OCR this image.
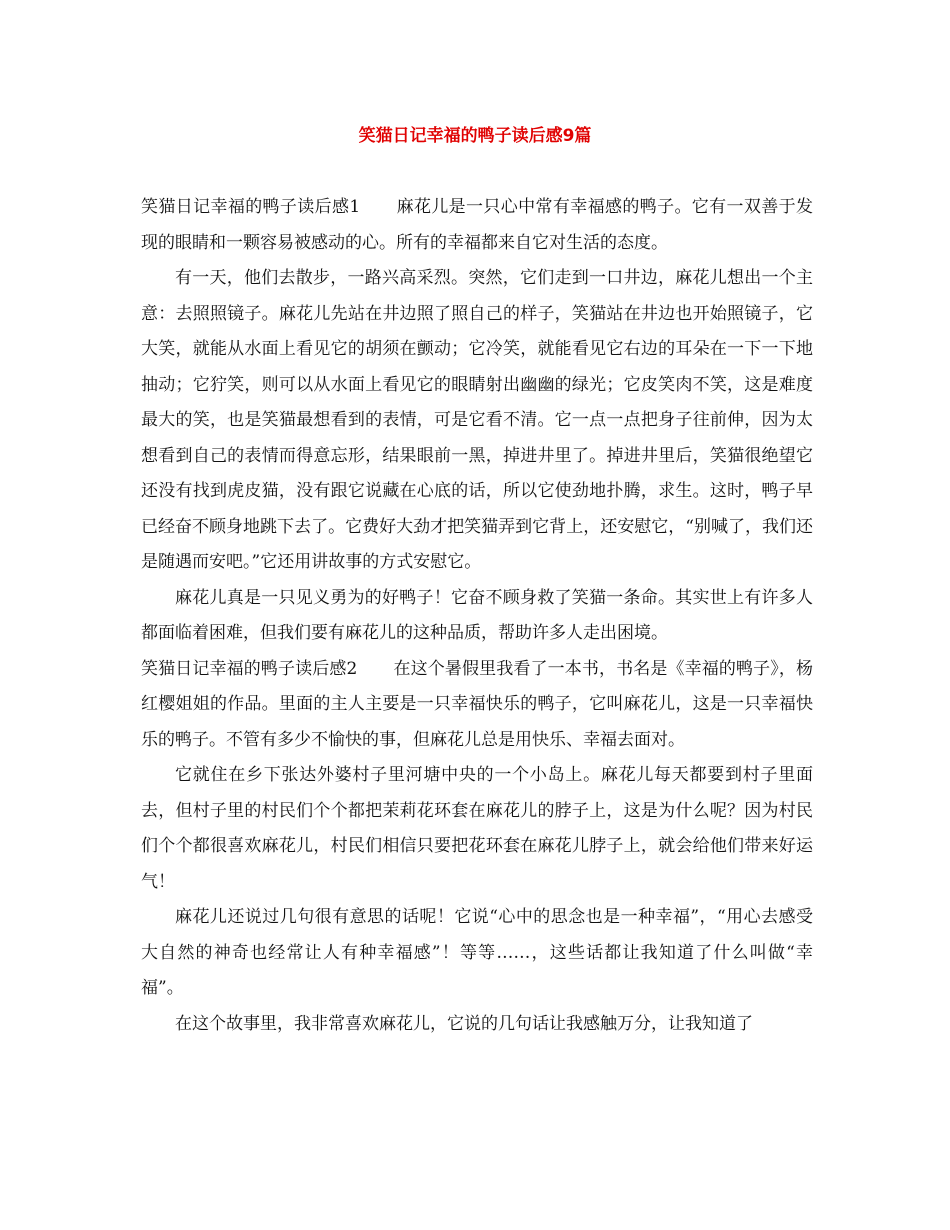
笑猫日记幸福的鸭子读后感9篇

笑猫日记幸福的鸭子读后感1 麻花儿是一只心中常有幸福感的鸭子。它有一双善于发现的眼睛和一颗容易被感动的心。所有的幸福都来自它对生活的态度。

有一天，他们去散步，一路兴高采烈。突然，它们走到一口井边，麻花儿想出一个主意：去照照镜子。麻花儿先站在井边照了照自己的样子，笑猫站在井边也开始照镜子，它大笑，就能从水面上看见它的胡须在颤动；它冷笑，就能看见它右边的耳朵在一下一下地抽动；它狞笑，则可以从水面上看见它的眼睛射出幽幽的绿光；它皮笑肉不笑，这是难度最大的笑，也是笑猫最想看到的表情，可是它看不清。它一点一点把身子往前伸，因为太想看到自己的表情而得意忘形，结果眼前一黑，掉进井里了。掉进井里后，笑猫很绝望它还没有找到虎皮猫，没有跟它说藏在心底的话，所以它使劲地扑腾，求生。这时，鸭子早已经奋不顾身地跳下去了。它费好大劲才把笑猫弄到它背上，还安慰它，“别喊了，我们还是随遇而安吧。”它还用讲故事的方式安慰它。

麻花儿真是一只见义勇为的好鸭子！它奋不顾身救了笑猫一条命。其实世上有许多人都面临着困难，但我们要有麻花儿的这种品质，帮助许多人走出困境。

笑猫日记幸福的鸭子读后感2 在这个暑假里我看了一本书，书名是《幸福的鸭子》，杨红樱姐姐的作品。里面的主人主要是一只幸福快乐的鸭子，它叫麻花儿，这是一只幸福快乐的鸭子。不管有多少不愉快的事，但麻花儿总是用快乐、幸福去面对。

它就住在乡下张达外婆村子里河塘中央的一个小岛上。麻花儿每天都要到村子里面去，但村子里的村民们个个都把茉莉花环套在麻花儿的脖子上，这是为什么呢？因为村民们个个都很喜欢麻花儿，村民们相信只要把花环套在麻花儿脖子上，就会给他们带来好运气！

麻花儿还说过几句很有意思的话呢！它说“心中的思念也是一种幸福”，“用心去感受大自然的神奇也经常让人有种幸福感”！等等……，这些话都让我知道了什么叫做“幸福”。

在这个故事里，我非常喜欢麻花儿，它说的几句话让我感触万分，让我知道了
